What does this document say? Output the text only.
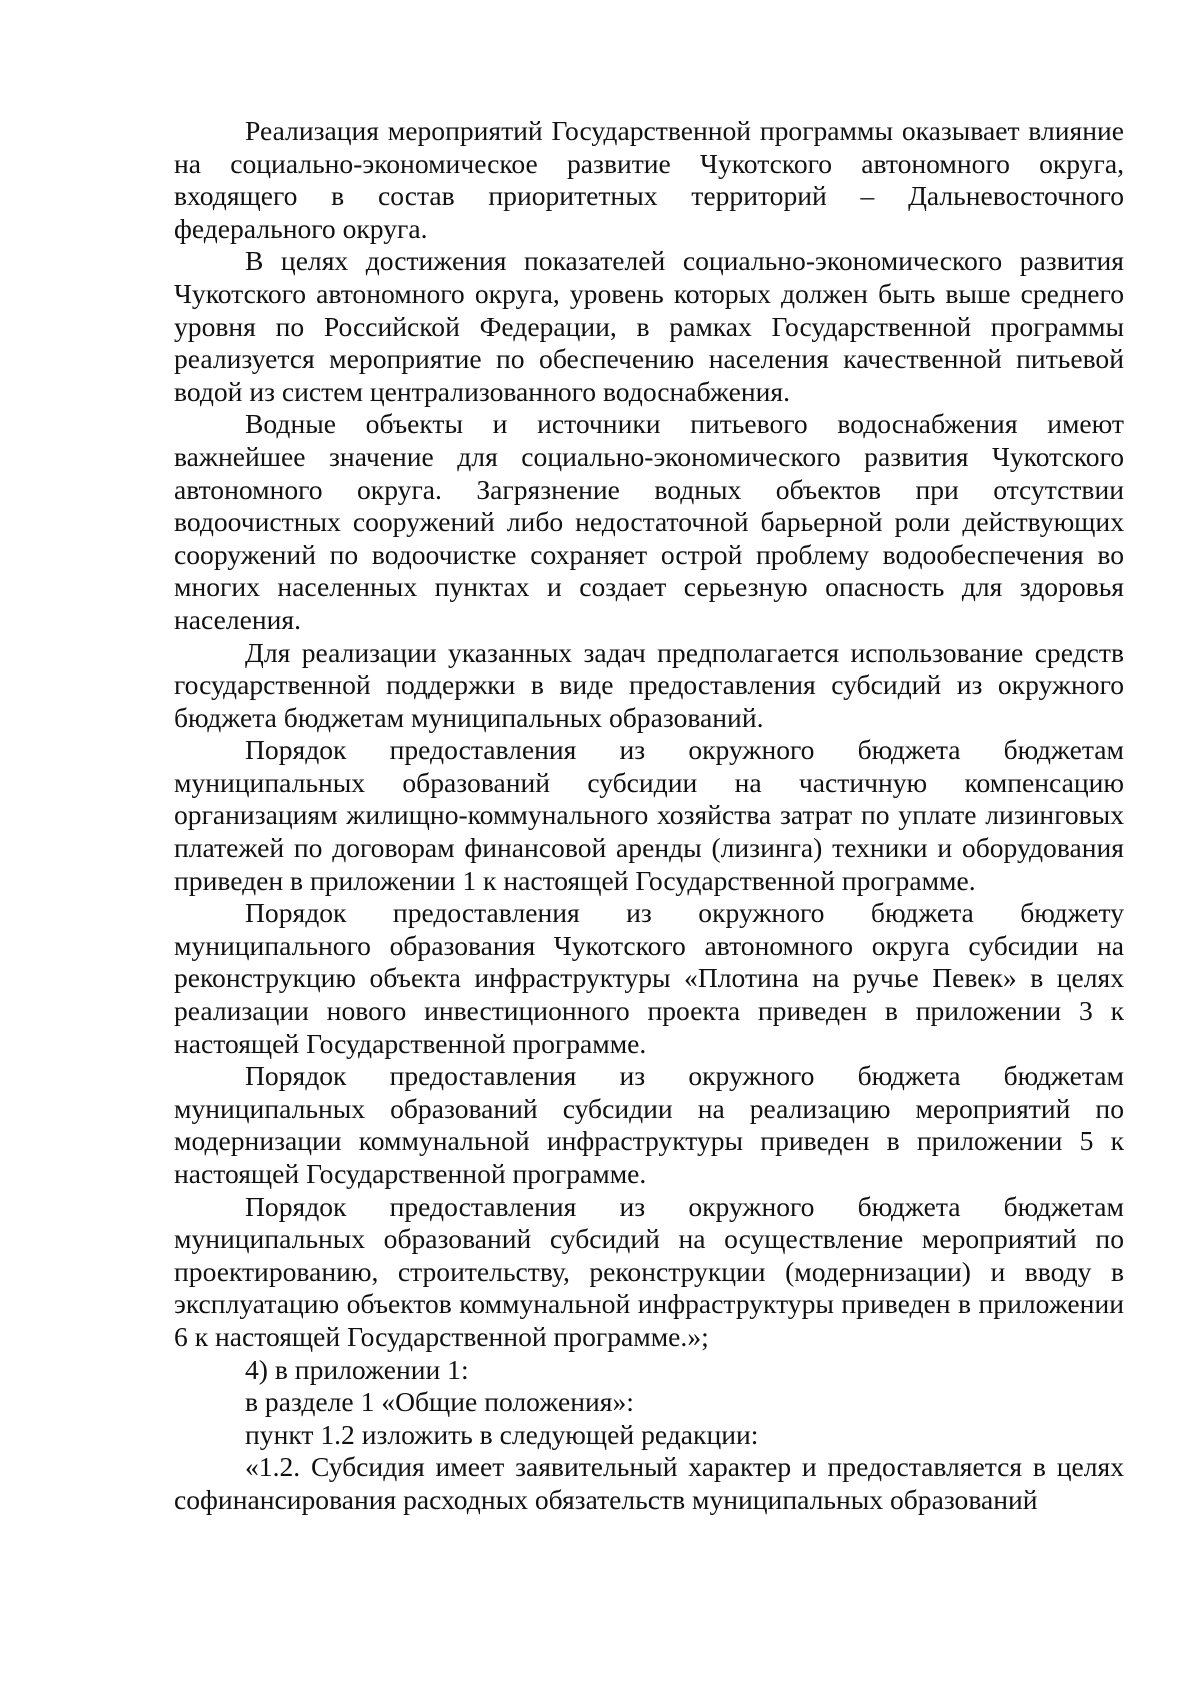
Реализация мероприятий Государственной программы оказывает влияние на социально-экономическое развитие Чукотского автономного округа, входящего в состав приоритетных территорий – Дальневосточного федерального округа.

В целях достижения показателей социально-экономического развития Чукотского автономного округа, уровень которых должен быть выше среднего уровня по Российской Федерации, в рамках Государственной программы реализуется мероприятие по обеспечению населения качественной питьевой водой из систем централизованного водоснабжения.

Водные объекты и источники питьевого водоснабжения имеют важнейшее значение для социально-экономического развития Чукотского автономного округа. Загрязнение водных объектов при отсутствии водоочистных сооружений либо недостаточной барьерной роли действующих сооружений по водоочистке сохраняет острой проблему водообеспечения во многих населенных пунктах и создает серьезную опасность для здоровья населения.

Для реализации указанных задач предполагается использование средств государственной поддержки в виде предоставления субсидий из окружного бюджета бюджетам муниципальных образований.

Порядок предоставления из окружного бюджета бюджетам муниципальных образований субсидии на частичную компенсацию организациям жилищно-коммунального хозяйства затрат по уплате лизинговых платежей по договорам финансовой аренды (лизинга) техники и оборудования приведен в приложении 1 к настоящей Государственной программе.

Порядок предоставления из окружного бюджета бюджету муниципального образования Чукотского автономного округа субсидии на реконструкцию объекта инфраструктуры «Плотина на ручье Певек» в целях реализации нового инвестиционного проекта приведен в приложении 3 к настоящей Государственной программе.

Порядок предоставления из окружного бюджета бюджетам муниципальных образований субсидии на реализацию мероприятий по модернизации коммунальной инфраструктуры приведен в приложении 5 к настоящей Государственной программе.

Порядок предоставления из окружного бюджета бюджетам муниципальных образований субсидий на осуществление мероприятий по проектированию, строительству, реконструкции (модернизации) и вводу в эксплуатацию объектов коммунальной инфраструктуры приведен в приложении 6 к настоящей Государственной программе.»;

4) в приложении 1:

в разделе 1 «Общие положения»:

пункт 1.2 изложить в следующей редакции:

«1.2. Субсидия имеет заявительный характер и предоставляется в целях софинансирования расходных обязательств муниципальных образований
